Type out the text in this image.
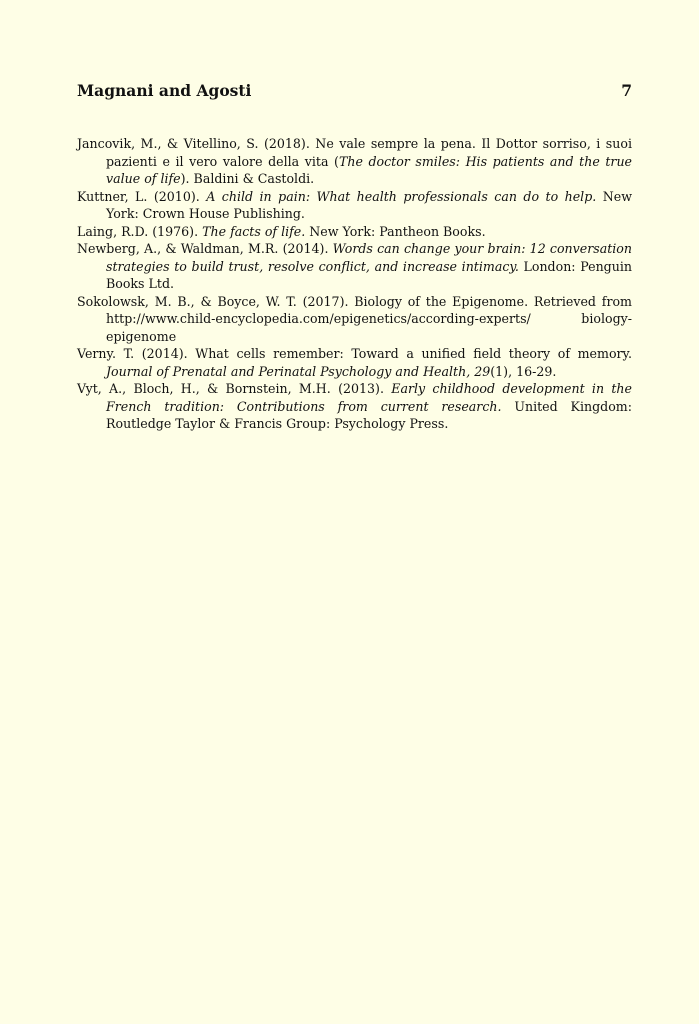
Magnani and Agosti	7

Jancovik, M., & Vitellino, S. (2018). Ne vale sempre la pena. Il Dottor sorriso, i suoi pazienti e il vero valore della vita (The doctor smiles: His patients and the true value of life). Baldini & Castoldi.

Kuttner, L. (2010). A child in pain: What health professionals can do to help. New York: Crown House Publishing.

Laing, R.D. (1976). The facts of life. New York: Pantheon Books.

Newberg, A., & Waldman, M.R. (2014). Words can change your brain: 12 conversation strategies to build trust, resolve conflict, and increase intimacy. London: Penguin Books Ltd.

Sokolowsk, M. B., & Boyce, W. T. (2017). Biology of the Epigenome. Retrieved from http://www.child-encyclopedia.com/epigenetics/according-experts/ biology-epigenome

Verny. T. (2014). What cells remember: Toward a unified field theory of memory. Journal of Prenatal and Perinatal Psychology and Health, 29(1), 16-29.

Vyt, A., Bloch, H., & Bornstein, M.H. (2013). Early childhood development in the French tradition: Contributions from current research. United Kingdom: Routledge Taylor & Francis Group: Psychology Press.
